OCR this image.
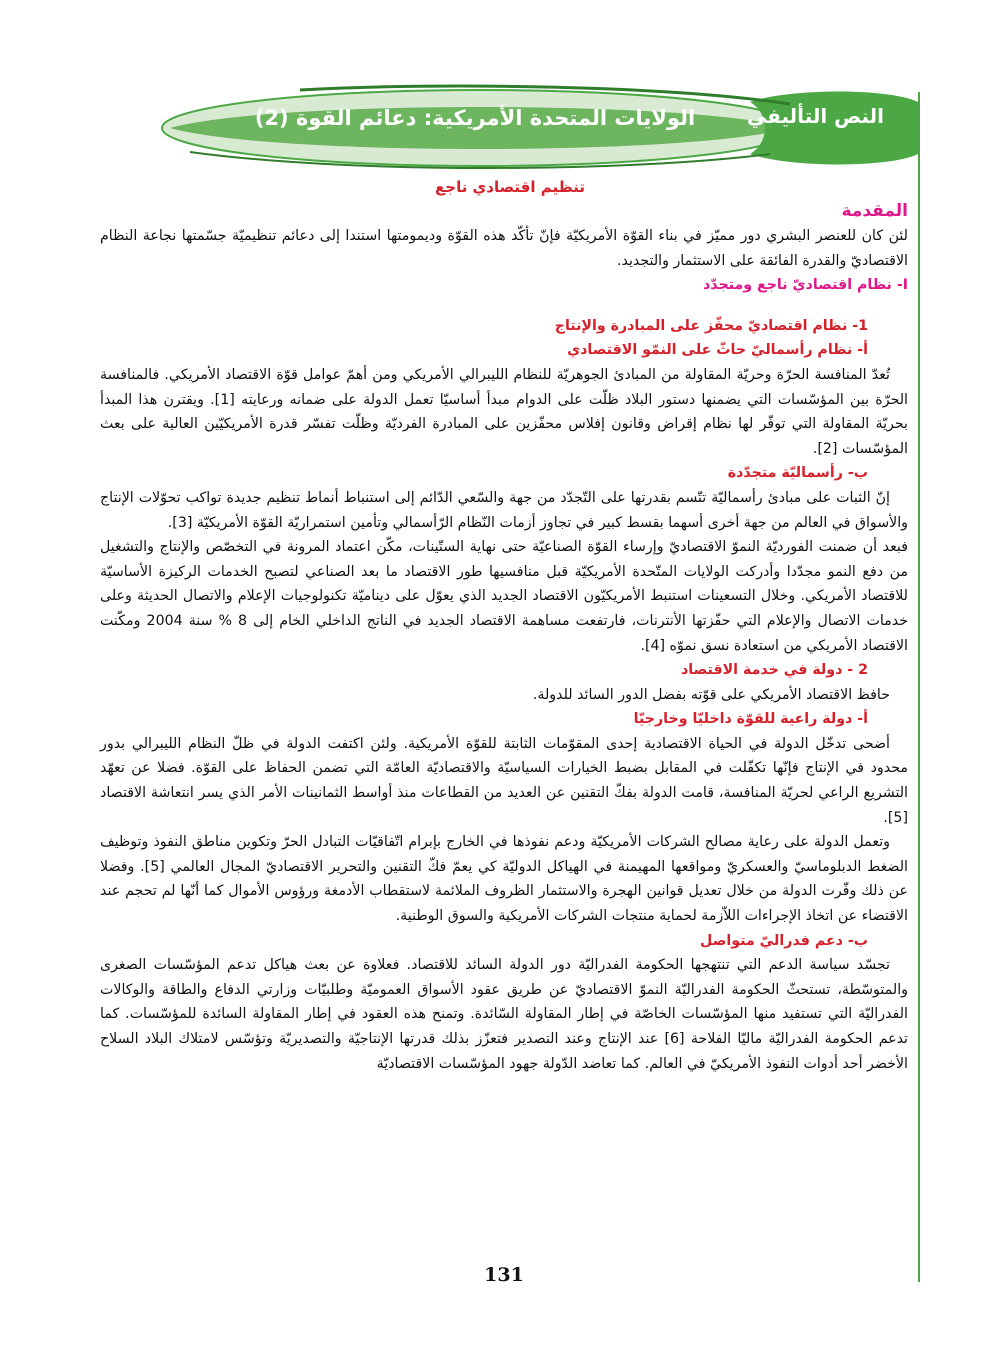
النص التأليفي
الولايات المتحدة الأمريكية: دعائم القوة (2)
تنظيم اقتصادي ناجع

المقدمة

لئن كان للعنصر البشري دور مميّز في بناء القوّة الأمريكيّة فإنّ تأكّد هذه القوّة وديمومتها استندا إلى دعائم تنظيميّة جسّمتها نجاعة النظام الاقتصاديّ والقدرة الفائقة على الاستثمار والتجديد.

I- نظام اقتصاديّ ناجع ومتجدّد

1- نظام اقتصاديّ محفّز على المبادرة والإنتاج

أ- نظام رأسماليّ حاثّ على النمّو الاقتصادي

تُعدّ المنافسة الحرّة وحريّة المقاولة من المبادئ الجوهريّة للنظام الليبرالي الأمريكي ومن أهمّ عوامل قوّة الاقتصاد الأمريكي. فالمنافسة الحرّة بين المؤسّسات التي يضمنها دستور البلاد ظلّت على الدوام مبدأ أساسيّا تعمل الدولة على ضمانه ورعايته [1]. ويقترن هذا المبدأ بحريّة المقاولة التي توفّر لها نظام إقراض وقانون إفلاس محفّزين على المبادرة الفرديّة وظلّت تفسّر قدرة الأمريكيّين العالية على بعث المؤسّسات [2].

ب- رأسماليّة متجدّدة

إنّ الثبات على مبادئ رأسماليّة تتّسم بقدرتها على التّجدّد من جهة والسّعي الدّائم إلى استنباط أنماط تنظيم جديدة تواكب تحوّلات الإنتاج والأسواق في العالم من جهة أخرى أسهما بقسط كبير في تجاوز أزمات النّظام الرّأسمالي وتأمين استمراريّة القوّة الأمريكيّة [3].

فبعد أن ضمنت الفورديّة النموّ الاقتصاديّ وإرساء القوّة الصناعيّة حتى نهاية الستّينات، مكّن اعتماد المرونة في التخصّص والإنتاج والتشغيل من دفع النمو مجدّدا وأدركت الولايات المتّحدة الأمريكيّة قبل منافسيها طور الاقتصاد ما بعد الصناعي لتصبح الخدمات الركيزة الأساسيّة للاقتصاد الأمريكي. وخلال التسعينات استنبط الأمريكيّون الاقتصاد الجديد الذي يعوّل على ديناميّة تكنولوجيات الإعلام والاتصال الحديثة وعلى خدمات الاتصال والإعلام التي حفّزتها الأنترنات، فارتفعت مساهمة الاقتصاد الجديد في الناتج الداخلي الخام إلى 8 % سنة 2004 ومكّنت الاقتصاد الأمريكي من استعادة نسق نموّه [4].

2 - دولة في خدمة الاقتصاد

حافظ الاقتصاد الأمريكي على قوّته بفضل الدور السائد للدولة.

أ- دولة راعية للقوّة داخليّا وخارجيّا

أضحى تدخّل الدولة في الحياة الاقتصادية إحدى المقوّمات الثابتة للقوّة الأمريكية. ولئن اكتفت الدولة في ظلّ النظام الليبرالي بدور محدود في الإنتاج فإنّها تكفّلت في المقابل بضبط الخيارات السياسيّة والاقتصاديّة العامّة التي تضمن الحفاظ على القوّة. فضلا عن تعهّد التشريع الراعي لحريّة المنافسة، قامت الدولة بفكّ التقنين عن العديد من القطاعات منذ أواسط الثمانينات الأمر الذي يسر انتعاشة الاقتصاد [5].

وتعمل الدولة على رعاية مصالح الشركات الأمريكيّة ودعم نفوذها في الخارج بإبرام اتّفاقيّات التبادل الحرّ وتكوين مناطق النفوذ وتوظيف الضغط الدبلوماسيّ والعسكريّ ومواقعها المهيمنة في الهياكل الدوليّة كي يعمّ فكّ التقنين والتحرير الاقتصاديّ المجال العالمي [5]. وفضلا عن ذلك وفّرت الدولة من خلال تعديل قوانين الهجرة والاستثمار الظروف الملائمة لاستقطاب الأدمغة ورؤوس الأموال كما أنّها لم تحجم عند الاقتضاء عن اتخاذ الإجراءات اللاّزمة لحماية منتجات الشركات الأمريكية والسوق الوطنية.

ب- دعم فدراليّ متواصل

تجسّد سياسة الدعم التي تنتهجها الحكومة الفدراليّة دور الدولة السائد للاقتصاد. فعلاوة عن بعث هياكل تدعم المؤسّسات الصغرى والمتوسّطة، تستحثّ الحكومة الفدراليّة النموّ الاقتصاديّ عن طريق عقود الأسواق العموميّة وطلبيّات وزارتي الدفاع والطاقة والوكالات الفدراليّة التي تستفيد منها المؤسّسات الخاصّة في إطار المقاولة السّائدة. وتمنح هذه العقود في إطار المقاولة السائدة للمؤسّسات. كما تدعم الحكومة الفدراليّة ماليّا الفلاحة [6] عند الإنتاج وعند التصدير فتعزّز بذلك قدرتها الإنتاجيّة والتصديريّة وتؤسّس لامتلاك البلاد السلاح الأخضر أحد أدوات النفوذ الأمريكيّ في العالم. كما تعاضد الدّولة جهود المؤسّسات الاقتصاديّة

131
